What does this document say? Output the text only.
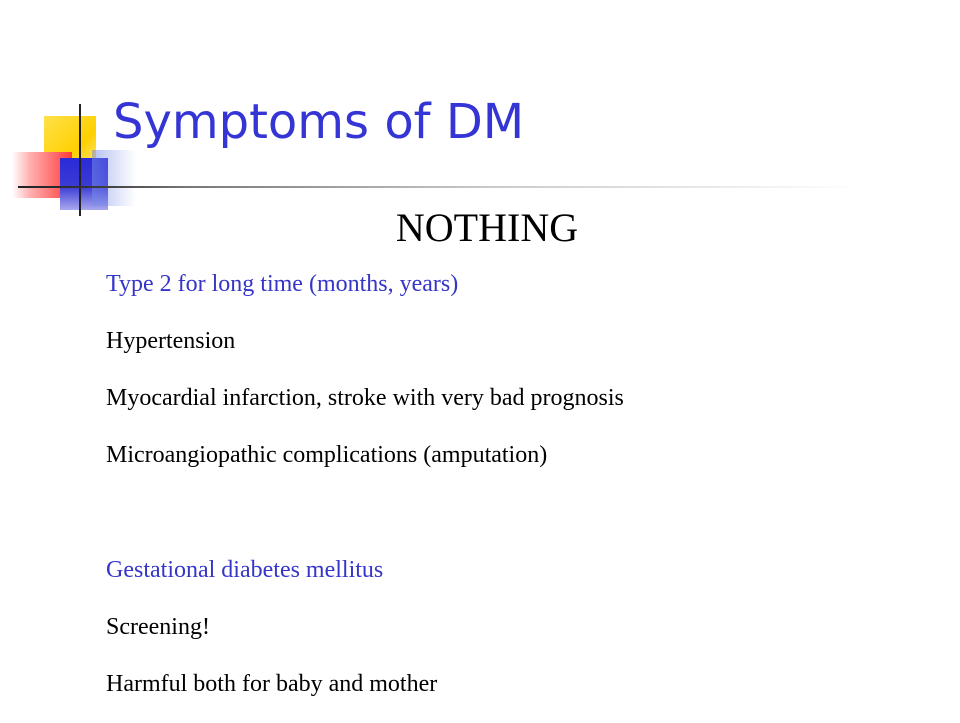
Symptoms of DM
NOTHING
Type 2 for long time (months, years)
Hypertension
Myocardial infarction, stroke with very bad prognosis
Microangiopathic complications (amputation)
Gestational diabetes mellitus
Screening!
Harmful both for baby and mother
